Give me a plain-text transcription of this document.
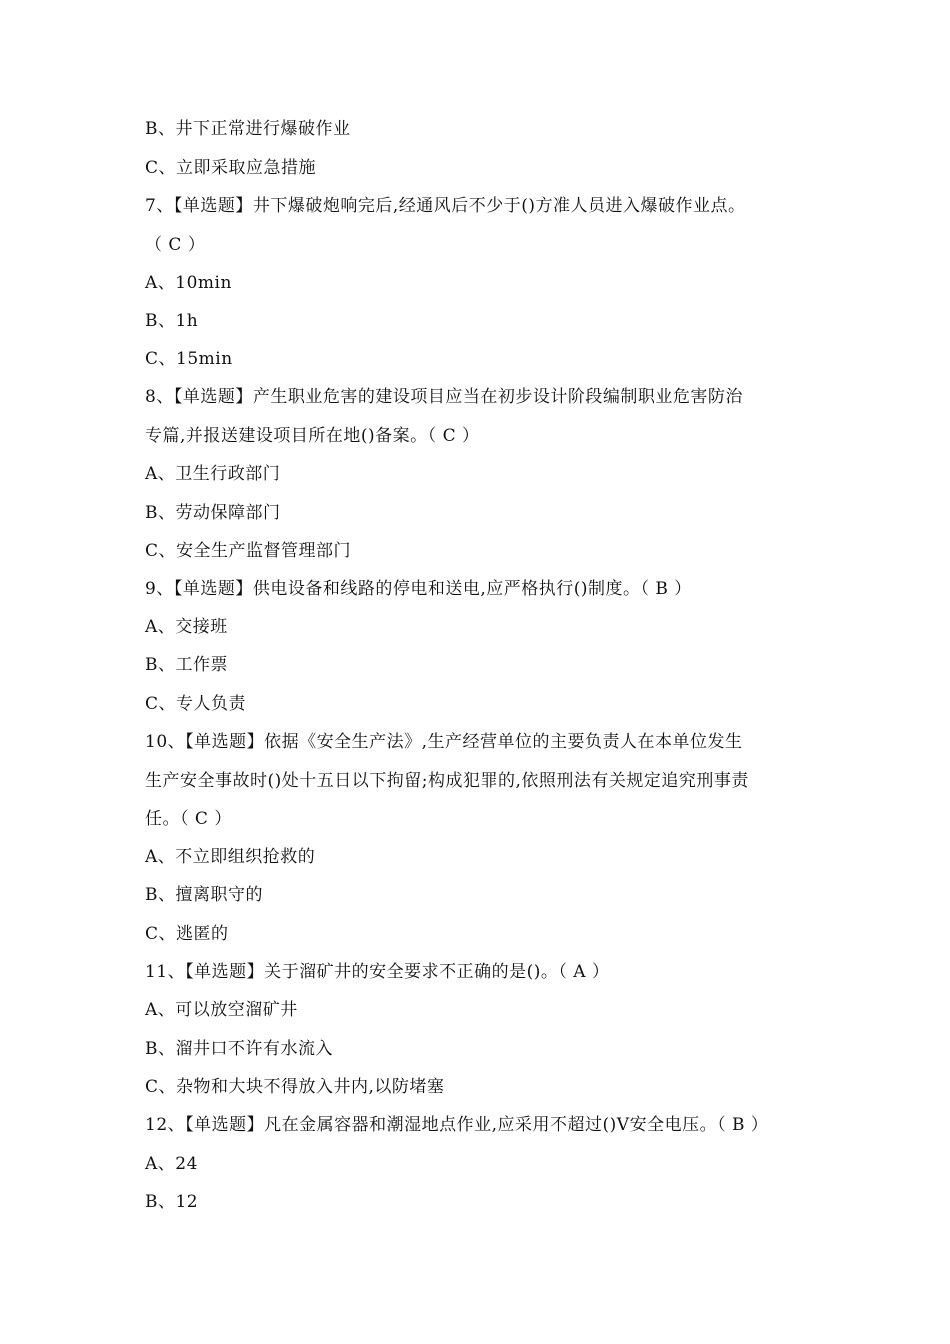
B、井下正常进行爆破作业
C、立即采取应急措施
7、【单选题】井下爆破炮响完后,经通风后不少于()方准人员进入爆破作业点。
（ C ）
A、10min
B、1h
C、15min
8、【单选题】产生职业危害的建设项目应当在初步设计阶段编制职业危害防治
专篇,并报送建设项目所在地()备案。（ C ）
A、卫生行政部门
B、劳动保障部门
C、安全生产监督管理部门
9、【单选题】供电设备和线路的停电和送电,应严格执行()制度。（ B ）
A、交接班
B、工作票
C、专人负责
10、【单选题】依据《安全生产法》,生产经营单位的主要负责人在本单位发生
生产安全事故时()处十五日以下拘留;构成犯罪的,依照刑法有关规定追究刑事责
任。（ C ）
A、不立即组织抢救的
B、擅离职守的
C、逃匿的
11、【单选题】关于溜矿井的安全要求不正确的是()。（ A ）
A、可以放空溜矿井
B、溜井口不许有水流入
C、杂物和大块不得放入井内,以防堵塞
12、【单选题】凡在金属容器和潮湿地点作业,应采用不超过()V安全电压。（ B ）
A、24
B、12
